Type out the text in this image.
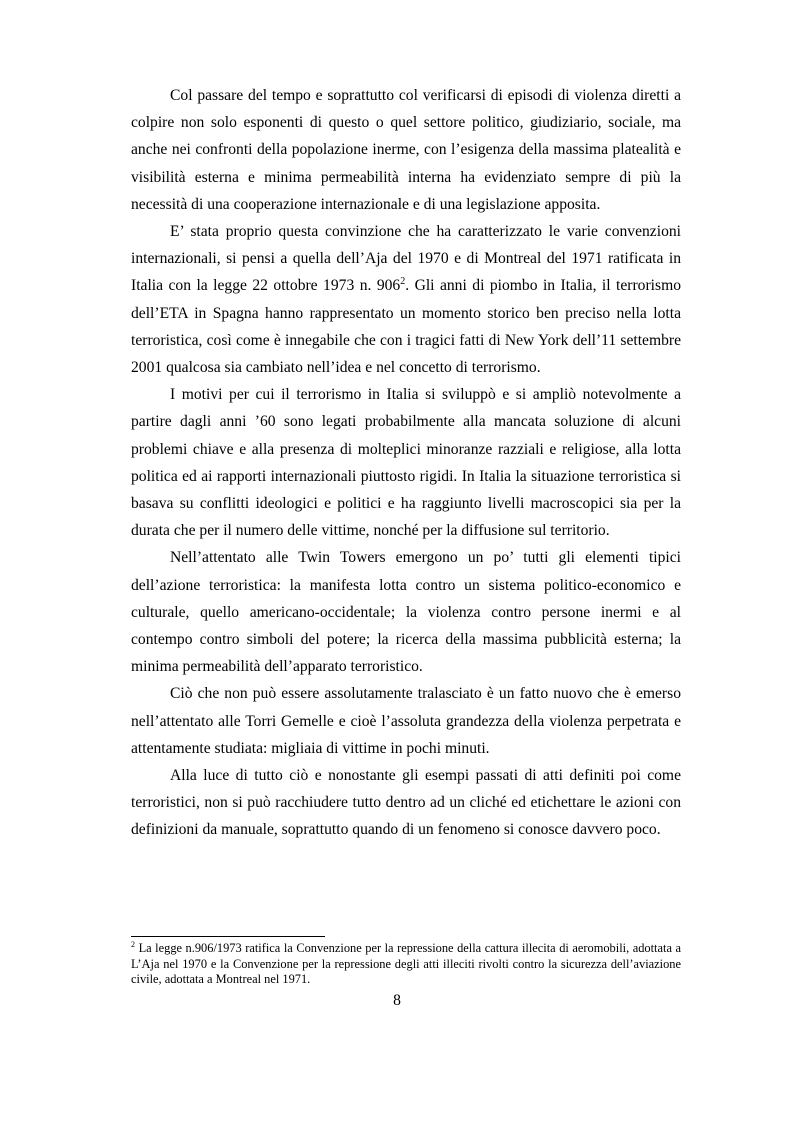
Col passare del tempo e soprattutto col verificarsi di episodi di violenza diretti a colpire non solo esponenti di questo o quel settore politico, giudiziario, sociale, ma anche nei confronti della popolazione inerme, con l’esigenza della massima platealità e visibilità esterna e minima permeabilità interna ha evidenziato sempre di più la necessità di una cooperazione internazionale e di una legislazione apposita.

E’ stata proprio questa convinzione che ha caratterizzato le varie convenzioni internazionali, si pensi a quella dell’Aja del 1970 e di Montreal del 1971 ratificata in Italia con la legge 22 ottobre 1973 n. $906^2$. Gli anni di piombo in Italia, il terrorismo dell’ETA in Spagna hanno rappresentato un momento storico ben preciso nella lotta terroristica, così come è innegabile che con i tragici fatti di New York dell’11 settembre 2001 qualcosa sia cambiato nell’idea e nel concetto di terrorismo.

I motivi per cui il terrorismo in Italia si sviluppò e si ampliò notevolmente a partire dagli anni ’60 sono legati probabilmente alla mancata soluzione di alcuni problemi chiave e alla presenza di molteplici minoranze razziali e religiose, alla lotta politica ed ai rapporti internazionali piuttosto rigidi. In Italia la situazione terroristica si basava su conflitti ideologici e politici e ha raggiunto livelli macroscopici sia per la durata che per il numero delle vittime, nonché per la diffusione sul territorio.

Nell’attentato alle Twin Towers emergono un po’ tutti gli elementi tipici dell’azione terroristica: la manifesta lotta contro un sistema politico-economico e culturale, quello americano-occidentale; la violenza contro persone inermi e al contempo contro simboli del potere; la ricerca della massima pubblicità esterna; la minima permeabilità dell’apparato terroristico.

Ciò che non può essere assolutamente tralasciato è un fatto nuovo che è emerso nell’attentato alle Torri Gemelle e cioè l’assoluta grandezza della violenza perpetrata e attentamente studiata: migliaia di vittime in pochi minuti.

Alla luce di tutto ciò e nonostante gli esempi passati di atti definiti poi come terroristici, non si può racchiudere tutto dentro ad un cliché ed etichettare le azioni con definizioni da manuale, soprattutto quando di un fenomeno si conosce davvero poco.

$^2$ La legge n.906/1973 ratifica la Convenzione per la repressione della cattura illecita di aeromobili, adottata a L’Aja nel 1970 e la Convenzione per la repressione degli atti illeciti rivolti contro la sicurezza dell’aviazione civile, adottata a Montreal nel 1971.
8
